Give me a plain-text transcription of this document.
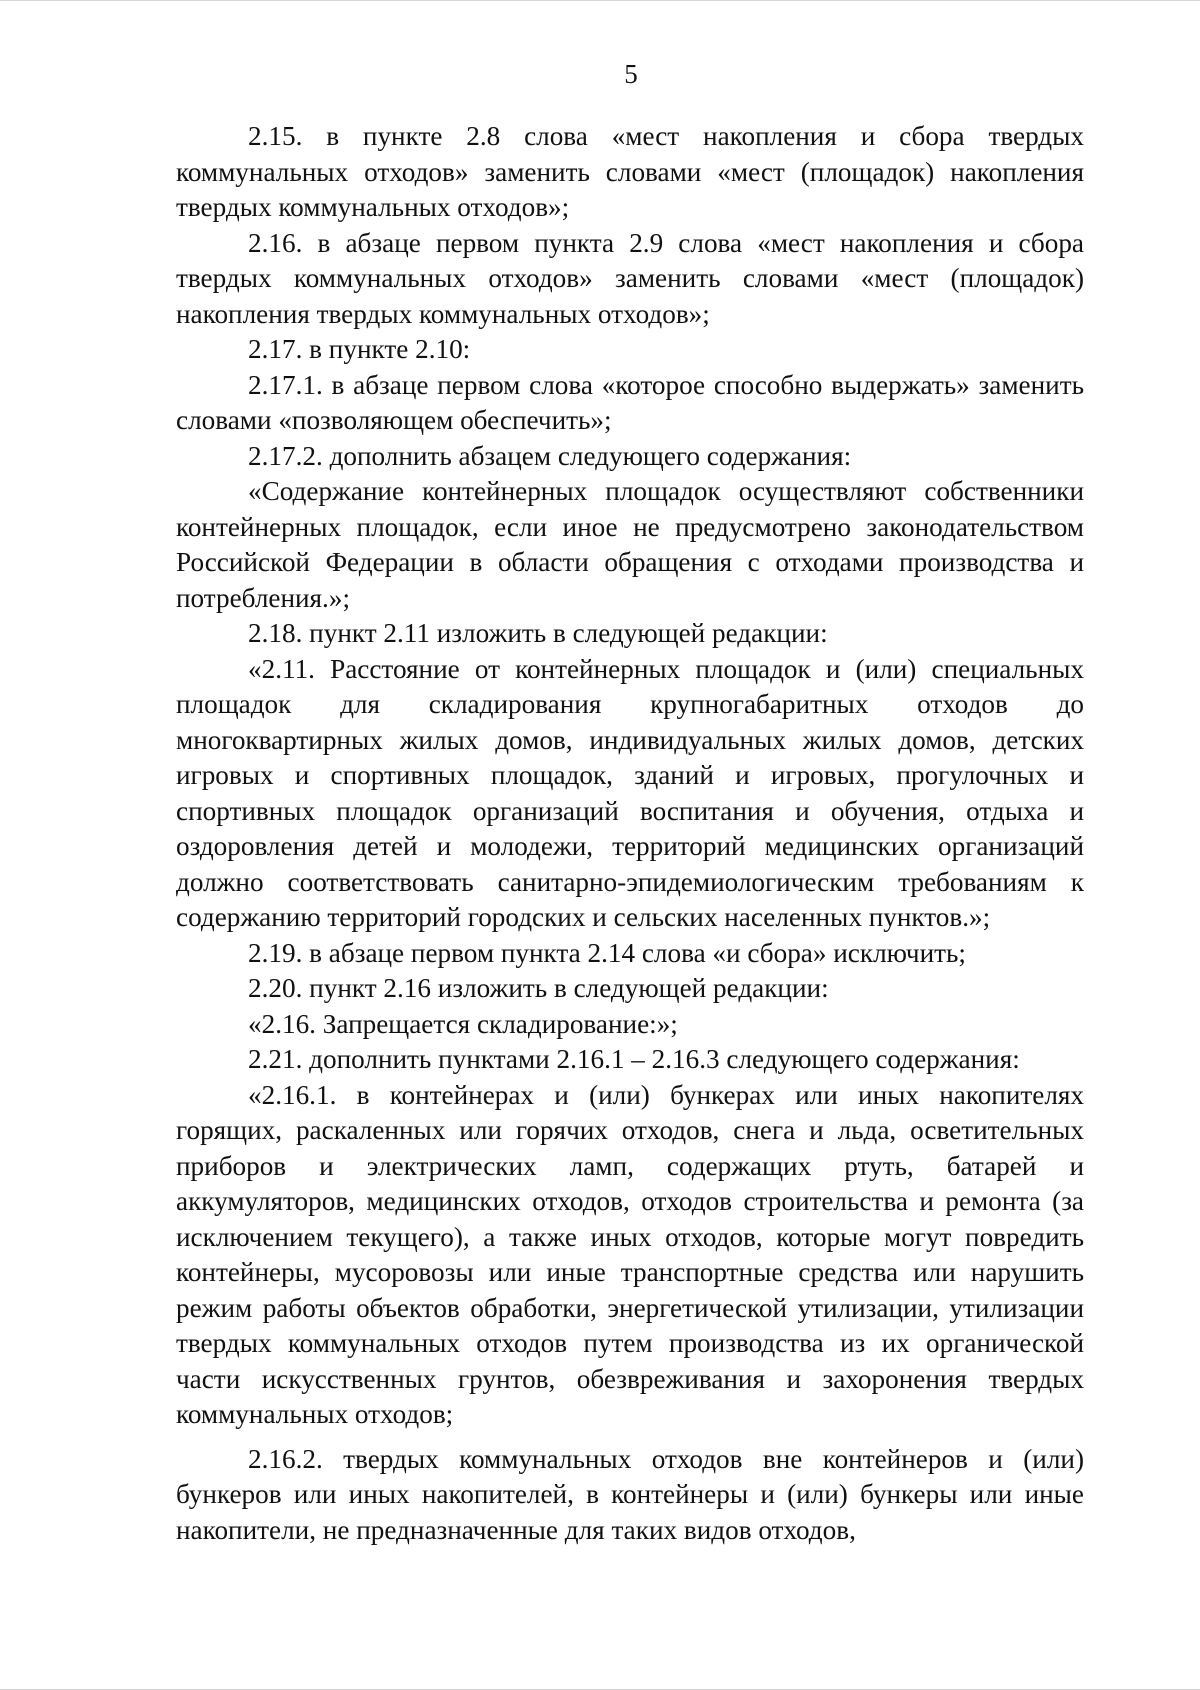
5

2.15. в пункте 2.8 слова «мест накопления и сбора твердых коммунальных отходов» заменить словами «мест (площадок) накопления твердых коммунальных отходов»;

2.16. в абзаце первом пункта 2.9 слова «мест накопления и сбора твердых коммунальных отходов» заменить словами «мест (площадок) накопления твердых коммунальных отходов»;

2.17. в пункте 2.10:

2.17.1. в абзаце первом слова «которое способно выдержать» заменить словами «позволяющем обеспечить»;

2.17.2. дополнить абзацем следующего содержания:

«Содержание контейнерных площадок осуществляют собственники контейнерных площадок, если иное не предусмотрено законодательством Российской Федерации в области обращения с отходами производства и потребления.»;

2.18. пункт 2.11 изложить в следующей редакции:

«2.11. Расстояние от контейнерных площадок и (или) специальных площадок для складирования крупногабаритных отходов до многоквартирных жилых домов, индивидуальных жилых домов, детских игровых и спортивных площадок, зданий и игровых, прогулочных и спортивных площадок организаций воспитания и обучения, отдыха и оздоровления детей и молодежи, территорий медицинских организаций должно соответствовать санитарно-эпидемиологическим требованиям к содержанию территорий городских и сельских населенных пунктов.»;

2.19. в абзаце первом пункта 2.14 слова «и сбора» исключить;

2.20. пункт 2.16 изложить в следующей редакции:

«2.16. Запрещается складирование:»;

2.21. дополнить пунктами 2.16.1 – 2.16.3 следующего содержания:

«2.16.1. в контейнерах и (или) бункерах или иных накопителях горящих, раскаленных или горячих отходов, снега и льда, осветительных приборов и электрических ламп, содержащих ртуть, батарей и аккумуляторов, медицинских отходов, отходов строительства и ремонта (за исключением текущего), а также иных отходов, которые могут повредить контейнеры, мусоровозы или иные транспортные средства или нарушить режим работы объектов обработки, энергетической утилизации, утилизации твердых коммунальных отходов путем производства из их органической части искусственных грунтов, обезвреживания и захоронения твердых коммунальных отходов;

2.16.2. твердых коммунальных отходов вне контейнеров и (или) бункеров или иных накопителей, в контейнеры и (или) бункеры или иные накопители, не предназначенные для таких видов отходов,
